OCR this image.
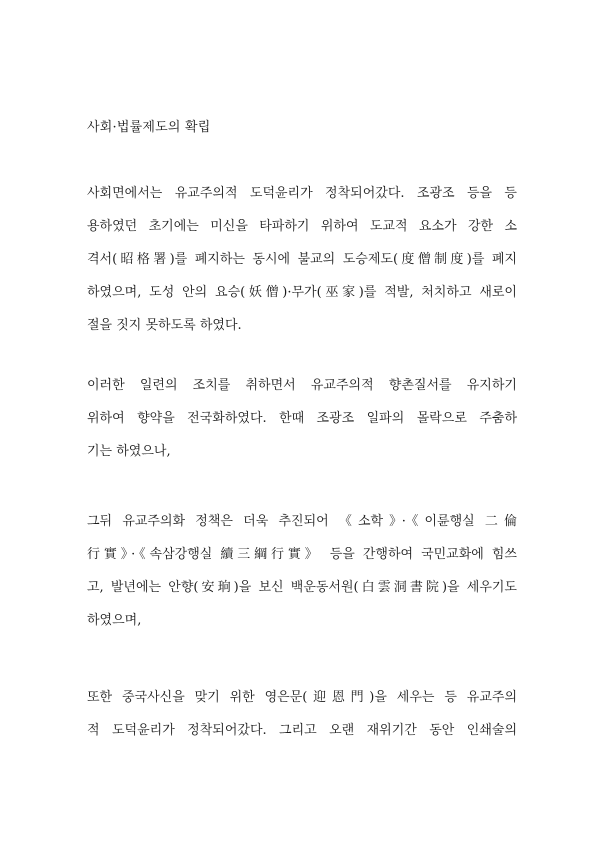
사회·법률제도의 확립
사회면에서는 유교주의적 도덕윤리가 정착되어갔다. 조광조 등을 등
용하였던 초기에는 미신을 타파하기 위하여 도교적 요소가 강한 소
격서(昭格署)를 폐지하는 동시에 불교의 도승제도(度僧制度)를 폐지
하였으며, 도성 안의 요승(妖僧)·무가(巫家)를 적발, 처치하고 새로이
절을 짓지 못하도록 하였다.
이러한 일련의 조치를 취하면서 유교주의적 향촌질서를 유지하기
위하여 향약을 전국화하였다. 한때 조광조 일파의 몰락으로 주춤하
기는 하였으나,
그뒤 유교주의화 정책은 더욱 추진되어 《소학》·《이륜행실 二倫
行實》·《속삼강행실 續三綱行實》 등을 간행하여 국민교화에 힘쓰
고, 발년에는 안향(安珦)을 보신 백운동서원(白雲洞書院)을 세우기도
하였으며,
또한 중국사신을 맞기 위한 영은문(迎恩門)을 세우는 등 유교주의
적 도덕윤리가 정착되어갔다. 그리고 오랜 재위기간 동안 인쇄술의
